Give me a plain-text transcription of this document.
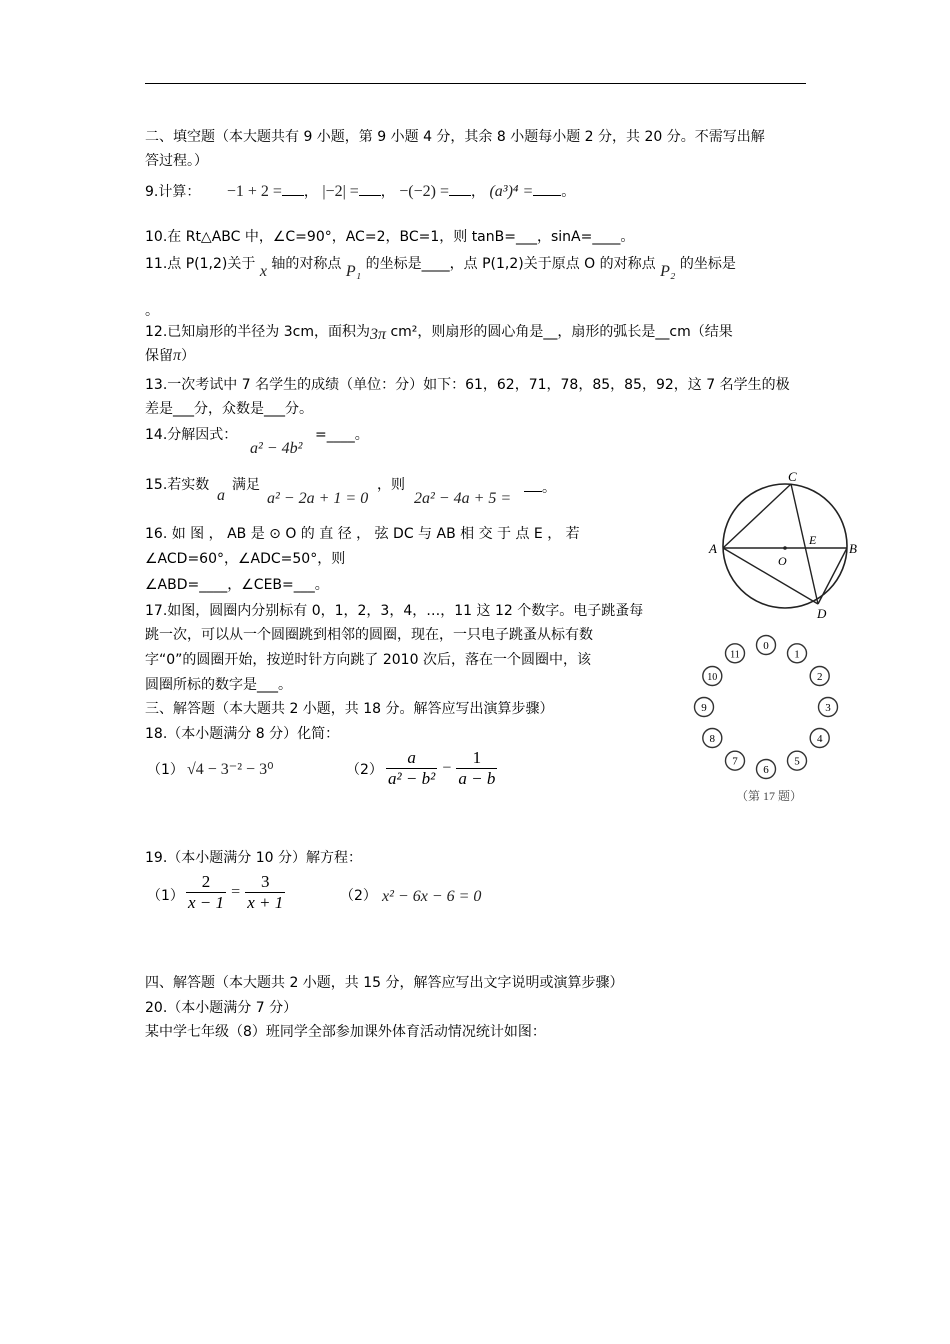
二、填空题（本大题共有 9 小题，第 9 小题 4 分，其余 8 小题每小题 2 分，共 20 分。不需写出解
答过程。）
9.计算： −1 + 2 = ， |−2| = ， −(−2) = ， (a³)⁴ = 。
10.在 Rt△ABC 中，∠C=90°，AC=2，BC=1，则 tanB=___，sinA=____。
11.点 P(1,2)关于 x 轴的对称点 P₁ 的坐标是____，点 P(1,2)关于原点 O 的对称点 P₂ 的坐标是
。
12.已知扇形的半径为 3cm，面积为3π cm²，则扇形的圆心角是__，扇形的弧长是__cm（结果
保留π）
13.一次考试中 7 名学生的成绩（单位：分）如下：61，62，71，78，85，85，92，这 7 名学生的极
差是___分，众数是___分。
14.分解因式：
a² − 4b²
=____。
15.若实数
a
满足
a² − 2a + 1 = 0
，则
2a² − 4a + 5 =
。
16. 如 图 ， AB 是 ⊙ O 的 直 径 ， 弦 DC 与 AB 相 交 于 点 E ， 若
∠ACD=60°，∠ADC=50°，则
∠ABD=____，∠CEB=___。
17.如图，圆圈内分别标有 0，1，2，3，4，…，11 这 12 个数字。电子跳蚤每
跳一次，可以从一个圆圈跳到相邻的圆圈，现在，一只电子跳蚤从标有数
字“0”的圆圈开始，按逆时针方向跳了 2010 次后，落在一个圆圈中，该
圆圈所标的数字是___。
三、解答题（本大题共 2 小题，共 18 分。解答应写出演算步骤）
18.（本小题满分 8 分）化简：
（1） √4 − 3⁻² − 3⁰	$(2) \frac{a}{\text{a² − b²}} - \frac{1}{a - b}$
19.（本小题满分 10 分）解方程：
$(1) \frac{2}{x - 1} = \frac{3}{x + 1}$	（2） x² − 6x − 6 = 0
四、解答题（本大题共 2 小题，共 15 分，解答应写出文字说明或演算步骤）
20.（本小题满分 7 分）
某中学七年级（8）班同学全部参加课外体育活动情况统计如图：
A	B
C
D
E
O
（第 17 题）
0
1
2
3
4
5
6
7
8
9
10
11
